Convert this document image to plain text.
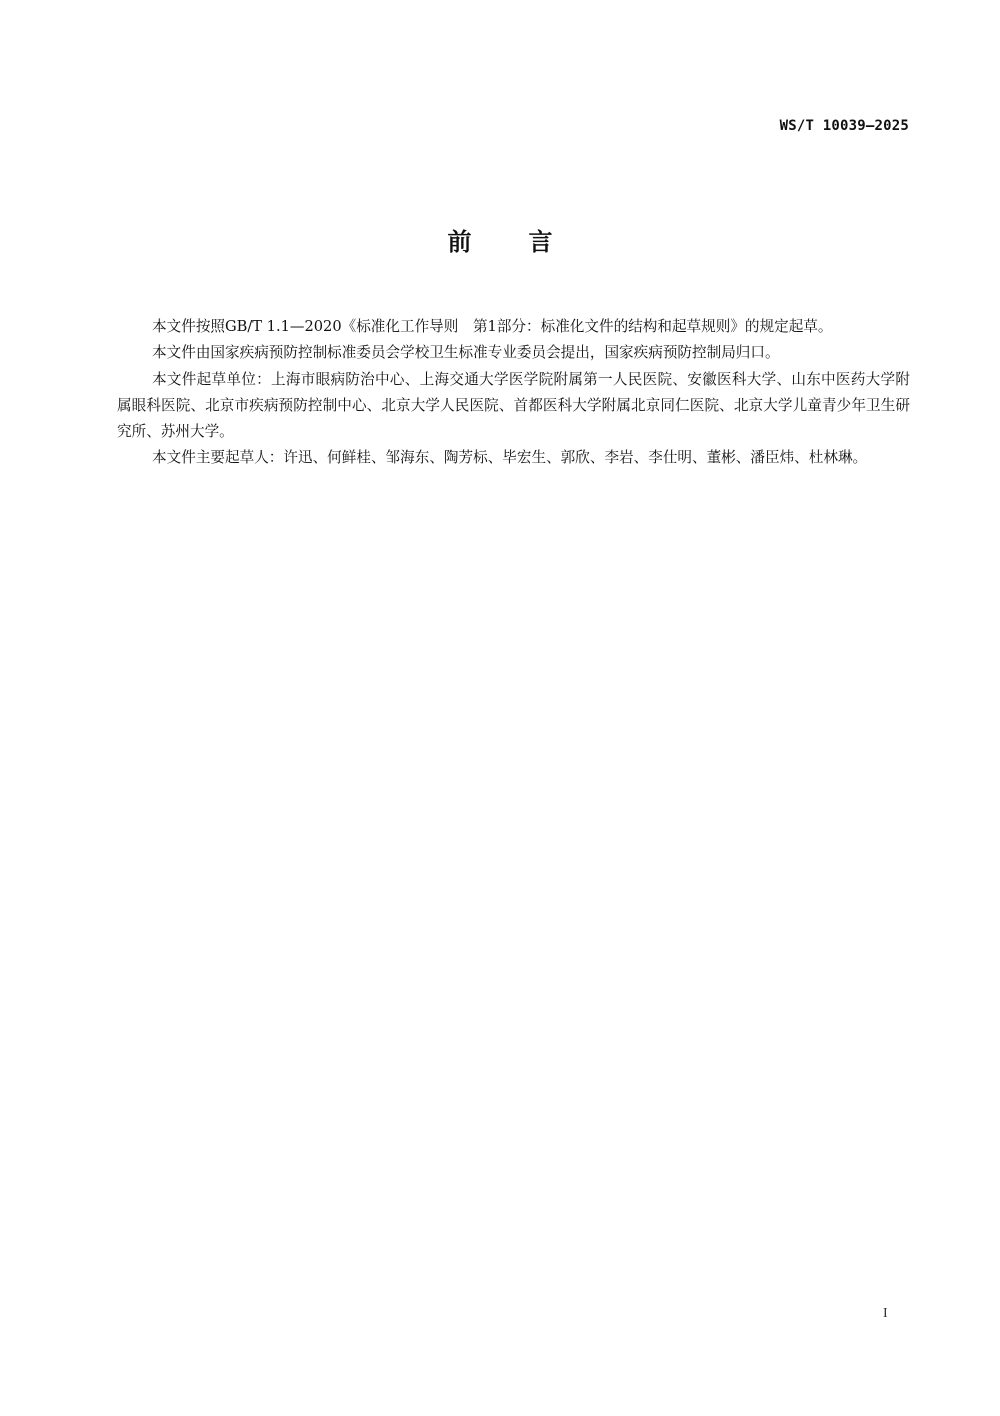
WS/T 10039—2025
前 言

本文件按照GB/T 1.1—2020《标准化工作导则　第1部分：标准化文件的结构和起草规则》的规定起草。

本文件由国家疾病预防控制标准委员会学校卫生标准专业委员会提出，国家疾病预防控制局归口。

本文件起草单位：上海市眼病防治中心、上海交通大学医学院附属第一人民医院、安徽医科大学、山东中医药大学附属眼科医院、北京市疾病预防控制中心、北京大学人民医院、首都医科大学附属北京同仁医院、北京大学儿童青少年卫生研究所、苏州大学。

本文件主要起草人：许迅、何鲜桂、邹海东、陶芳标、毕宏生、郭欣、李岩、李仕明、董彬、潘臣炜、杜林琳。

I
